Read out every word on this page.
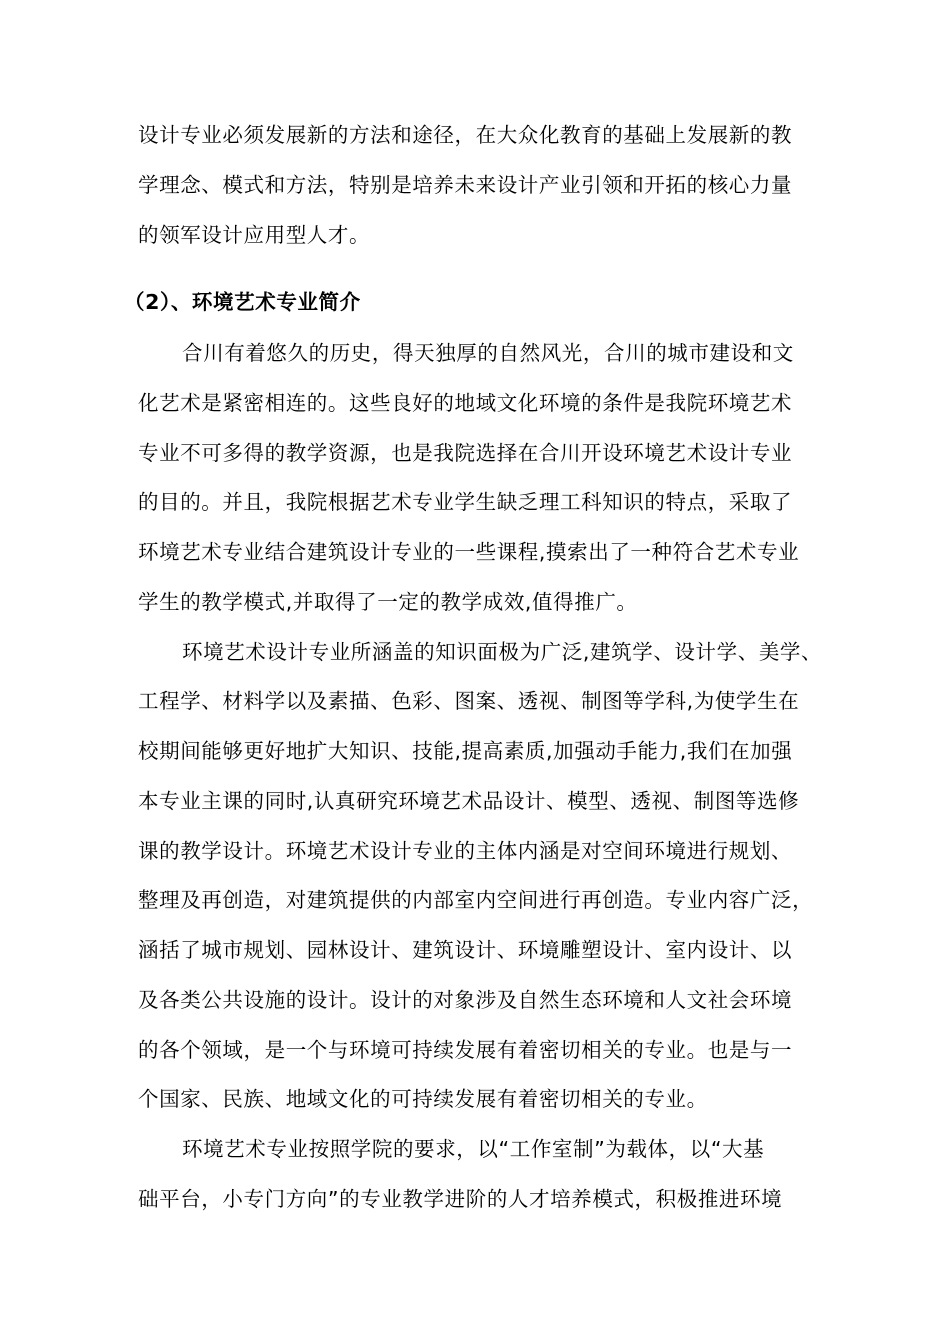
设计专业必须发展新的方法和途径，在大众化教育的基础上发展新的教
学理念、模式和方法，特别是培养未来设计产业引领和开拓的核心力量
的领军设计应用型人才。
（2）、环境艺术专业简介
合川有着悠久的历史，得天独厚的自然风光，合川的城市建设和文
化艺术是紧密相连的。这些良好的地域文化环境的条件是我院环境艺术
专业不可多得的教学资源，也是我院选择在合川开设环境艺术设计专业
的目的。并且，我院根据艺术专业学生缺乏理工科知识的特点，采取了
环境艺术专业结合建筑设计专业的一些课程,摸索出了一种符合艺术专业
学生的教学模式,并取得了一定的教学成效,值得推广。
环境艺术设计专业所涵盖的知识面极为广泛,建筑学、设计学、美学、
工程学、材料学以及素描、色彩、图案、透视、制图等学科,为使学生在
校期间能够更好地扩大知识、技能,提高素质,加强动手能力,我们在加强
本专业主课的同时,认真研究环境艺术品设计、模型、透视、制图等选修
课的教学设计。环境艺术设计专业的主体内涵是对空间环境进行规划、
整理及再创造，对建筑提供的内部室内空间进行再创造。专业内容广泛，
涵括了城市规划、园林设计、建筑设计、环境雕塑设计、室内设计、以
及各类公共设施的设计。设计的对象涉及自然生态环境和人文社会环境
的各个领域，是一个与环境可持续发展有着密切相关的专业。也是与一
个国家、民族、地域文化的可持续发展有着密切相关的专业。
环境艺术专业按照学院的要求，以“工作室制”为载体，以“大基
础平台，小专门方向”的专业教学进阶的人才培养模式，积极推进环境
